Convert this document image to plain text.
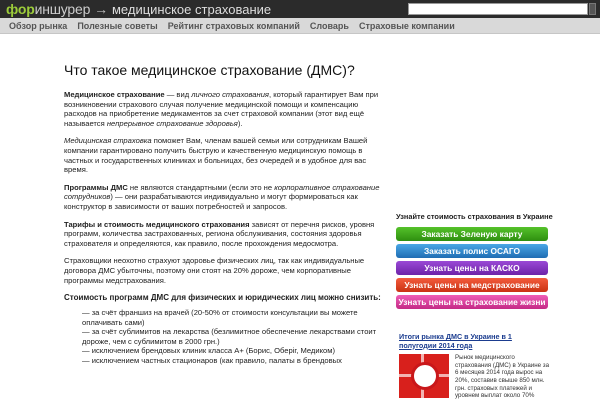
фориншурер → медицинское страхование
Обзор рынка Полезные советы Рейтинг страховых компаний Словарь Страховые компании
Что такое медицинское страхование (ДМС)?

Медицинское страхование — вид личного страхования, который гарантирует Вам при возникновении страхового случая получение медицинской помощи и компенсацию расходов на приобретение медикаментов за счет страховой компании (этот вид ещё называется непрерывное страхование здоровья).

Медицинская страховка поможет Вам, членам вашей семьи или сотрудникам Вашей компании гарантировано получить быструю и качественную медицинскую помощь в частных и государственных клиниках и больницах, без очередей и в удобное для вас время.

Программы ДМС не являются стандартными (если это не корпоративное страхование сотрудников) — они разрабатываются индивидуально и могут формироваться как конструктор в зависимости от ваших потребностей и запросов.

Тарифы и стоимость медицинского страхования зависят от перечня рисков, уровня программ, количества застрахованных, региона обслуживания, состояния здоровья страхователя и определяются, как правило, после прохождения медосмотра.

Страховщики неохотно страхуют здоровье физических лиц, так как индивидуальные договора ДМС убыточны, поэтому они стоят на 20% дороже, чем корпоративные программы медстрахования.

Стоимость программ ДМС для физических и юридических лиц можно снизить:

— за счёт франшиз на врачей (20-50% от стоимости консультации вы можете оплачивать сами)
— за счёт сублимитов на лекарства (безлимитное обеспечение лекарствами стоит дороже, чем с сублимитом в 2000 грн.)
— исключением брендовых клиник класса А+ (Борис, Оберіг, Медиком)
— исключением частных стационаров (как правило, палаты в брендовых
Узнайте стоимость страхования в Украине
Заказать Зеленую карту
Заказать полис ОСАГО
Узнать цены на КАСКО
Узнать цены на медстрахование
Узнать цены на страхование жизни
Итоги рынка ДМС в Украине в 1 полугодии 2014 года
Рынок медицинского страхования (ДМС) в Украине за 6 месяцев 2014 года вырос на 20%, составив свыше 850 млн. грн. страховых платежей и уровнем выплат около 70%
